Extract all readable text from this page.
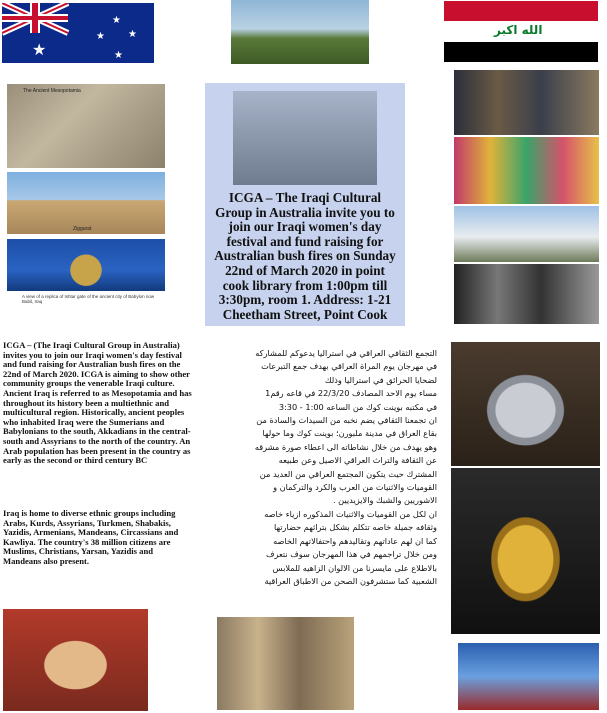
★
★
★ ★
★
الله اكبر
The Ancient Mesopotamia
Ziggurat
A view of a replica of Ishtar gate of the ancient city of Babylon now Babil, Iraq
ICGA – The Iraqi Cultural Group in Australia invite you to join our Iraqi women's day festival and fund raising for Australian bush fires on Sunday 22nd of March 2020 in point cook library from 1:00pm till 3:30pm, room 1. Address: 1-21 Cheetham Street, Point Cook
ICGA – (The Iraqi Cultural Group in Australia) invites you to join our Iraqi women's day festival and fund raising for Australian bush fires on the 22nd of March 2020. ICGA is aiming to show other community groups the venerable Iraqi culture. Ancient Iraq is referred to as Mesopotamia and has throughout its history been a multiethnic and multicultural region. Historically, ancient peoples who inhabited Iraq were the Sumerians and Babylonians to the south, Akkadians in the central-south and Assyrians to the north of the country. An Arab population has been present in the country as early as the second or third century BC
Iraq is home to diverse ethnic groups including Arabs, Kurds, Assyrians, Turkmen, Shabakis, Yazidis, Armenians, Mandeans, Circassians and Kawliya. The country's 38 million citizens are Muslims, Christians, Yarsan, Yazidis and Mandeans also present.
التجمع الثقافي العراقي في استراليا يدعوكم للمشاركه
في مهرجان يوم المراة العراقي بهدف جمع التبرعات
لضحايا الحرائق في استراليا وذلك
مساء يوم الاحد المصادف 22/3/20 في قاعه رقم1
في مكتبه بوينت كوك من الساعه 1:00 - 3:30
ان تجمعنا الثقافي يضم نخبه من السيدات والسادة من
بقاع العراق في مدينة ملبورن؛ بوينت كوك وما حولها
وهو يهدف من خلال نشاطاته الى اعطاء صورة مشرقه
عن الثقافة والتراث العراقي الاصيل وعن طبيعه
المشترك حيث يتكون المجتمع العراقي من العديد من
القوميات والاثنيات من العرب والكرد والتركمان و
الاشوريين والشبك والايزيديين .
ان لكل من القوميات والاثنيات المذكوره ازياء خاصه
وثقافه جميلة خاصه تتكلم بشكل بتراثهم حضارتها
كما ان لهم عاداتهم وتقاليدهم واحتفالاتهم الخاصه
ومن خلال تراجمهم في هذا المهرجان سوف نتعرف
بالاطلاع على مايسرنا من الالوان الزاهيه للملابس
الشعبية كما ستشرفون الصحن من الاطباق العراقية
